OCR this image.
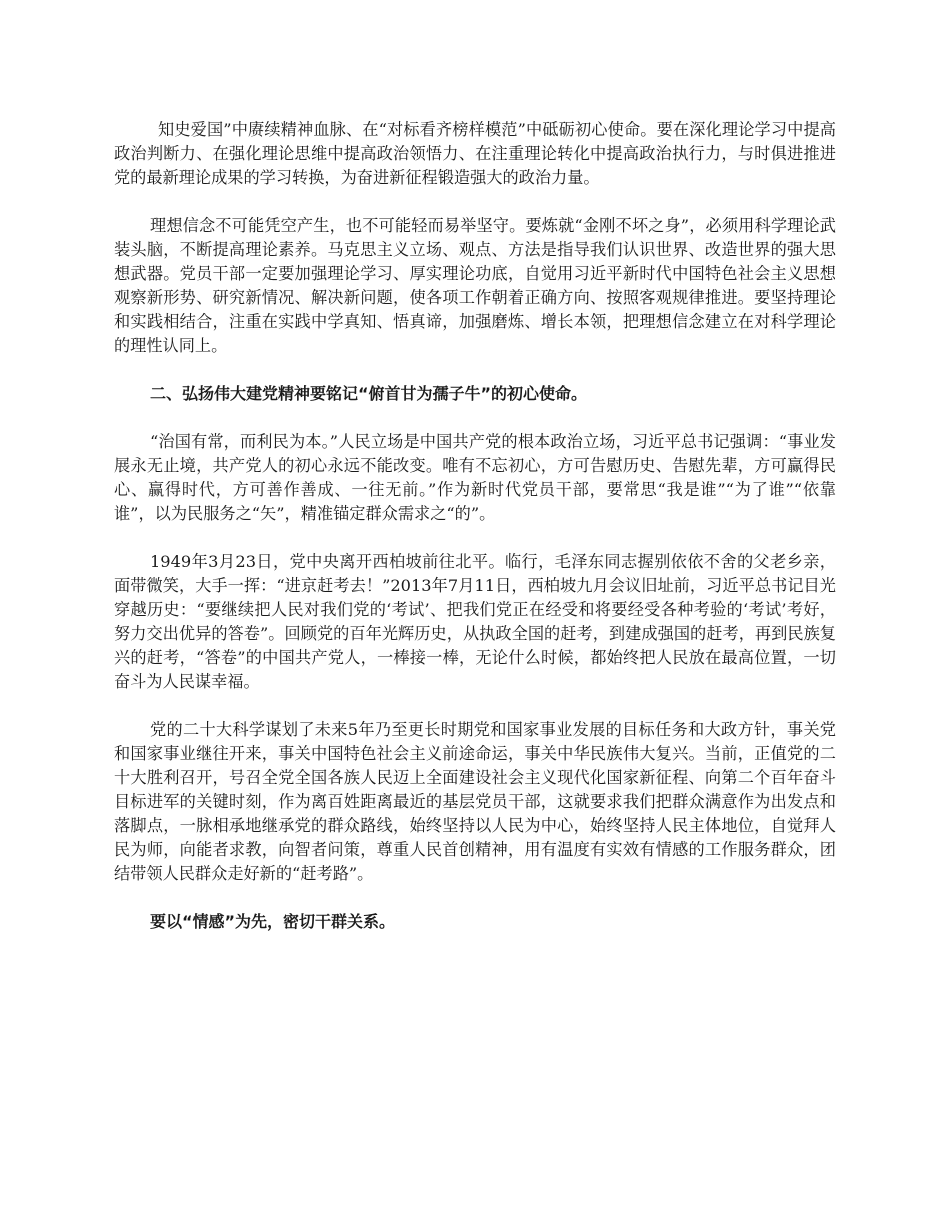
知史爱国”中赓续精神血脉、在“对标看齐榜样模范”中砥砺初心使命。要在深化理论学习中提高政治判断力、在强化理论思维中提高政治领悟力、在注重理论转化中提高政治执行力，与时俱进推进党的最新理论成果的学习转换，为奋进新征程锻造强大的政治力量。

理想信念不可能凭空产生，也不可能轻而易举坚守。要炼就“金刚不坏之身”，必须用科学理论武装头脑，不断提高理论素养。马克思主义立场、观点、方法是指导我们认识世界、改造世界的强大思想武器。党员干部一定要加强理论学习、厚实理论功底，自觉用习近平新时代中国特色社会主义思想观察新形势、研究新情况、解决新问题，使各项工作朝着正确方向、按照客观规律推进。要坚持理论和实践相结合，注重在实践中学真知、悟真谛，加强磨炼、增长本领，把理想信念建立在对科学理论的理性认同上。

二、弘扬伟大建党精神要铭记“俯首甘为孺子牛”的初心使命。

“治国有常，而利民为本。”人民立场是中国共产党的根本政治立场，习近平总书记强调：“事业发展永无止境，共产党人的初心永远不能改变。唯有不忘初心，方可告慰历史、告慰先辈，方可赢得民心、赢得时代，方可善作善成、一往无前。”作为新时代党员干部，要常思“我是谁”“为了谁”“依靠谁”，以为民服务之“矢”，精准锚定群众需求之“的”。

1949年3月23日，党中央离开西柏坡前往北平。临行，毛泽东同志握别依依不舍的父老乡亲，面带微笑，大手一挥：“进京赶考去！”2013年7月11日，西柏坡九月会议旧址前，习近平总书记目光穿越历史：“要继续把人民对我们党的‘考试’、把我们党正在经受和将要经受各种考验的‘考试’考好，努力交出优异的答卷”。回顾党的百年光辉历史，从执政全国的赶考，到建成强国的赶考，再到民族复兴的赶考，“答卷”的中国共产党人，一棒接一棒，无论什么时候，都始终把人民放在最高位置，一切奋斗为人民谋幸福。

党的二十大科学谋划了未来5年乃至更长时期党和国家事业发展的目标任务和大政方针，事关党和国家事业继往开来，事关中国特色社会主义前途命运，事关中华民族伟大复兴。当前，正值党的二十大胜利召开，号召全党全国各族人民迈上全面建设社会主义现代化国家新征程、向第二个百年奋斗目标进军的关键时刻，作为离百姓距离最近的基层党员干部，这就要求我们把群众满意作为出发点和落脚点，一脉相承地继承党的群众路线，始终坚持以人民为中心，始终坚持人民主体地位，自觉拜人民为师，向能者求教，向智者问策，尊重人民首创精神，用有温度有实效有情感的工作服务群众，团结带领人民群众走好新的“赶考路”。

要以“情感”为先，密切干群关系。
